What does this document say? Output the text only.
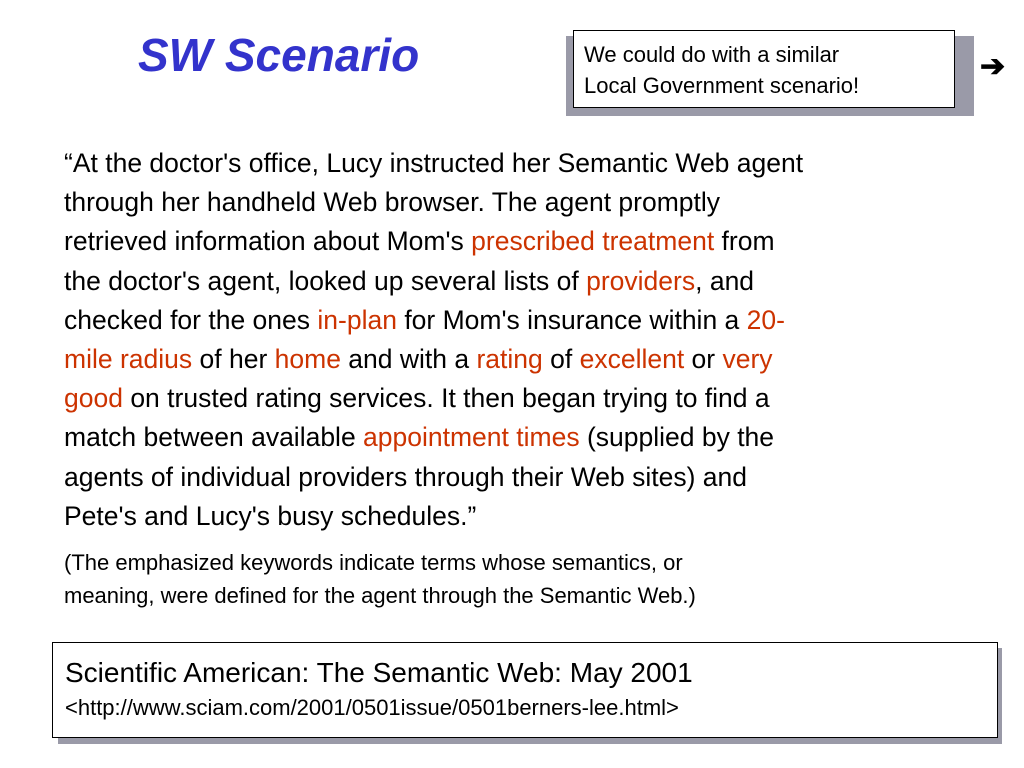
SW Scenario	We could do with a similar
Local Government scenario!
➔
“At the doctor's office, Lucy instructed her Semantic Web agent
through her handheld Web browser. The agent promptly
retrieved information about Mom's prescribed treatment from
the doctor's agent, looked up several lists of providers, and
checked for the ones in-plan for Mom's insurance within a 20-
mile radius of her home and with a rating of excellent or very
good on trusted rating services. It then began trying to find a
match between available appointment times (supplied by the
agents of individual providers through their Web sites) and
Pete's and Lucy's busy schedules.”
(The emphasized keywords indicate terms whose semantics, or
meaning, were defined for the agent through the Semantic Web.)
Scientific American: The Semantic Web: May 2001
<http://www.sciam.com/2001/0501issue/0501berners-lee.html>
